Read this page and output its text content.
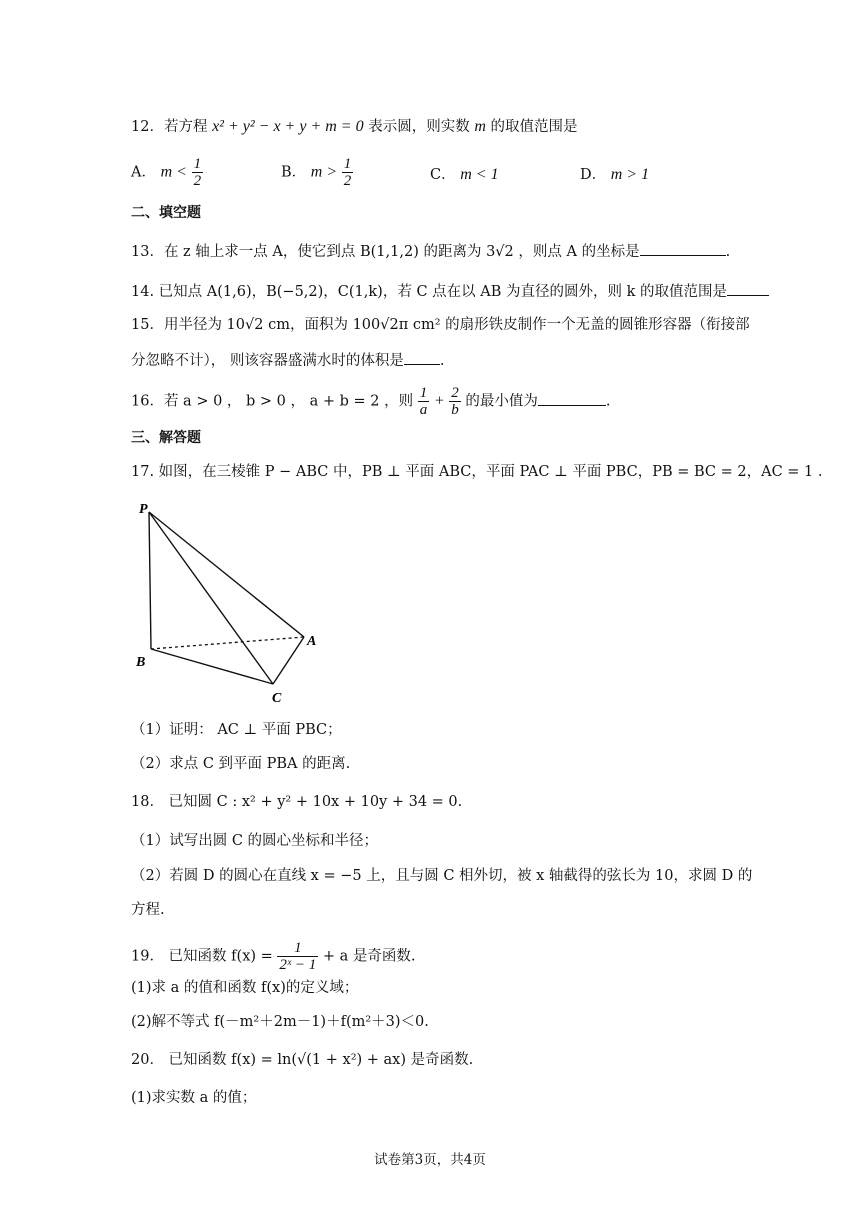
12．若方程 x² + y² − x + y + m = 0 表示圆，则实数 m 的取值范围是
A． $m < \frac{1}{2}$	B． $m > \frac{1}{2}$	C． m < 1	D． m > 1
二、填空题
13．在 z 轴上求一点 A，使它到点 B(1,1,2) 的距离为 3√2 ，则点 A 的坐标是	.
14. 已知点 A(1,6)，B(−5,2)，C(1,k)，若 C 点在以 AB 为直径的圆外，则 k 的取值范围是
15．用半径为 10√2 cm，面积为 100√2π cm² 的扇形铁皮制作一个无盖的圆锥形容器（衔接部
分忽略不计）， 则该容器盛满水时的体积是 .
16．若 a > 0 ， b > 0 ， a + b = 2 ，则 $\frac{1}{a} + \frac{2}{b}$ 的最小值为	.
三、解答题
17. 如图，在三棱锥 P − ABC 中，PB ⊥ 平面 ABC，平面 PAC ⊥ 平面 PBC，PB = BC = 2，AC = 1 .
P
A
B
C
（1）证明： AC ⊥ 平面 PBC；
（2）求点 C 到平面 PBA 的距离.
18． 已知圆 C : x² + y² + 10x + 10y + 34 = 0.
（1）试写出圆 C 的圆心坐标和半径；
（2）若圆 D 的圆心在直线 x = −5 上，且与圆 C 相外切，被 x 轴截得的弦长为 10，求圆 D 的
方程.
19． 已知函数 $f(x) = \frac{1}{\text{2ˣ − 1}} + a$ 是奇函数.
(1)求 a 的值和函数 f(x)的定义域；
(2)解不等式 f(－m²＋2m－1)＋f(m²＋3)＜0.
20． 已知函数 f(x) = ln(√(1 + x²) + ax) 是奇函数.
(1)求实数 a 的值；
试卷第3页，共4页
